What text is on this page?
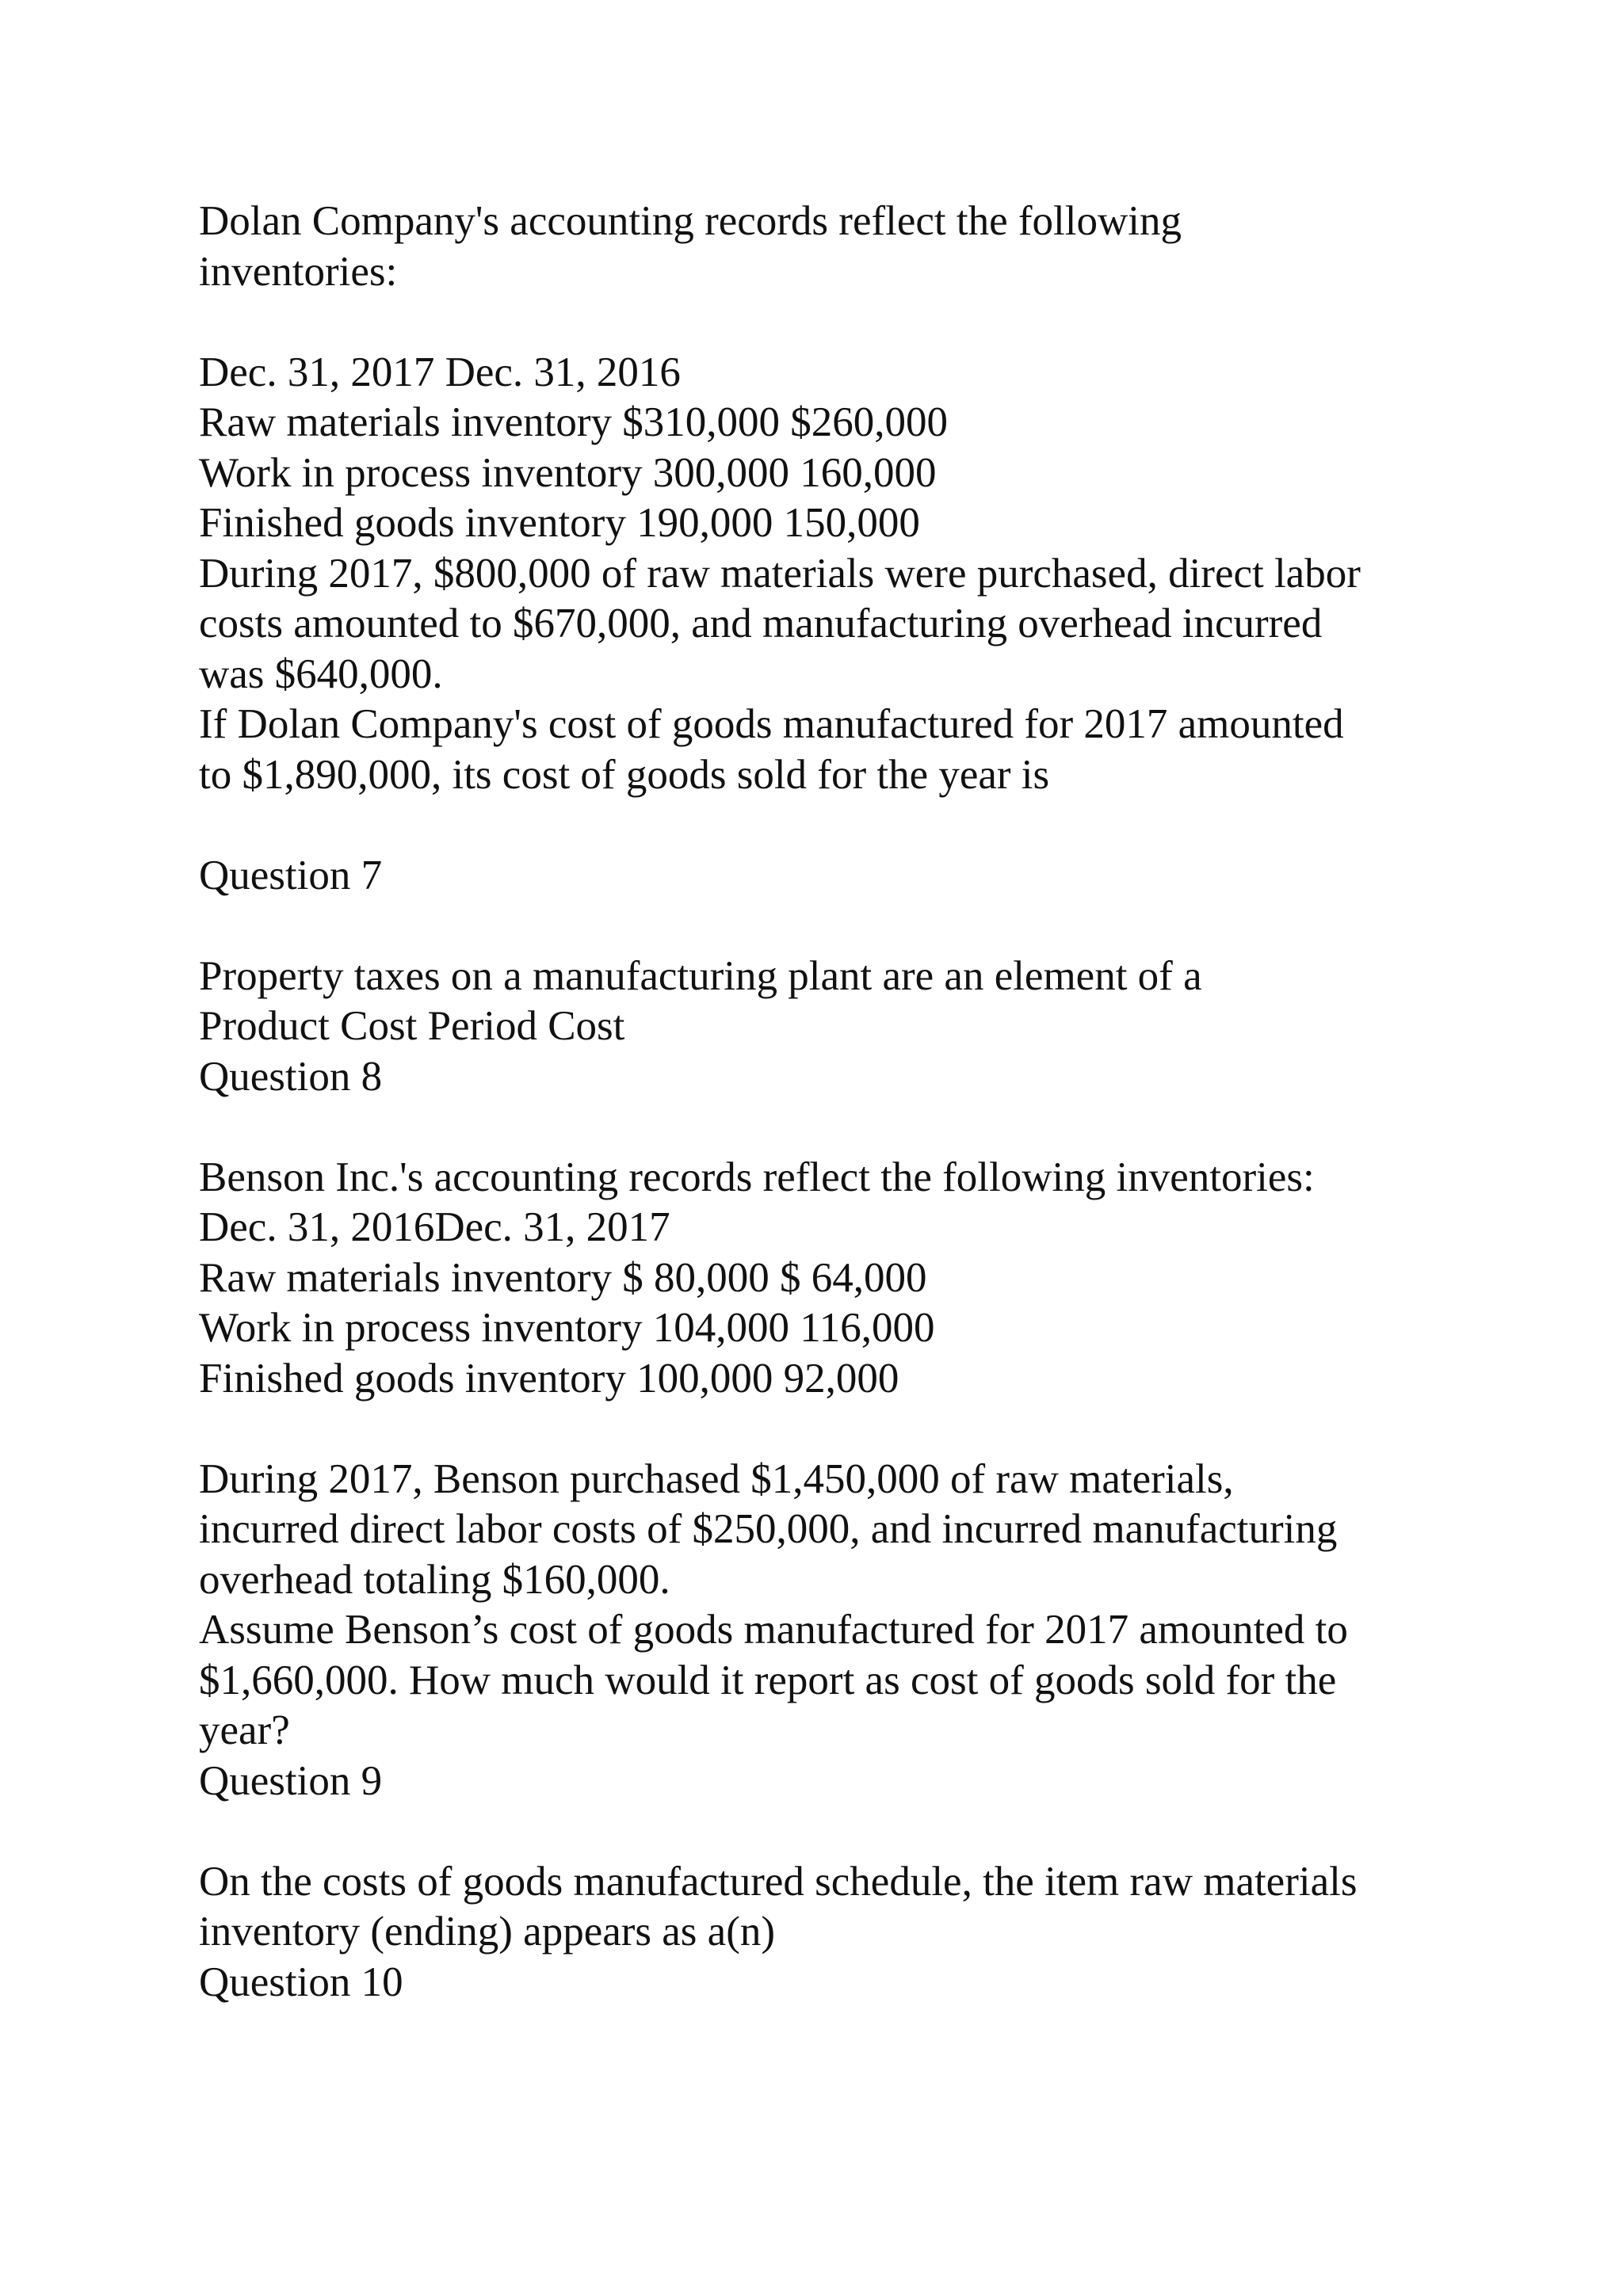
Dolan Company's accounting records reflect the following
inventories:
Dec. 31, 2017 Dec. 31, 2016
Raw materials inventory $310,000 $260,000
Work in process inventory 300,000 160,000
Finished goods inventory 190,000 150,000
During 2017, $800,000 of raw materials were purchased, direct labor
costs amounted to $670,000, and manufacturing overhead incurred
was $640,000.
If Dolan Company's cost of goods manufactured for 2017 amounted
to $1,890,000, its cost of goods sold for the year is
Question 7
Property taxes on a manufacturing plant are an element of a
Product Cost Period Cost
Question 8
Benson Inc.'s accounting records reflect the following inventories:
Dec. 31, 2016Dec. 31, 2017
Raw materials inventory $ 80,000 $ 64,000
Work in process inventory 104,000 116,000
Finished goods inventory 100,000 92,000
During 2017, Benson purchased $1,450,000 of raw materials,
incurred direct labor costs of $250,000, and incurred manufacturing
overhead totaling $160,000.
Assume Benson’s cost of goods manufactured for 2017 amounted to
$1,660,000. How much would it report as cost of goods sold for the
year?
Question 9
On the costs of goods manufactured schedule, the item raw materials
inventory (ending) appears as a(n)
Question 10
